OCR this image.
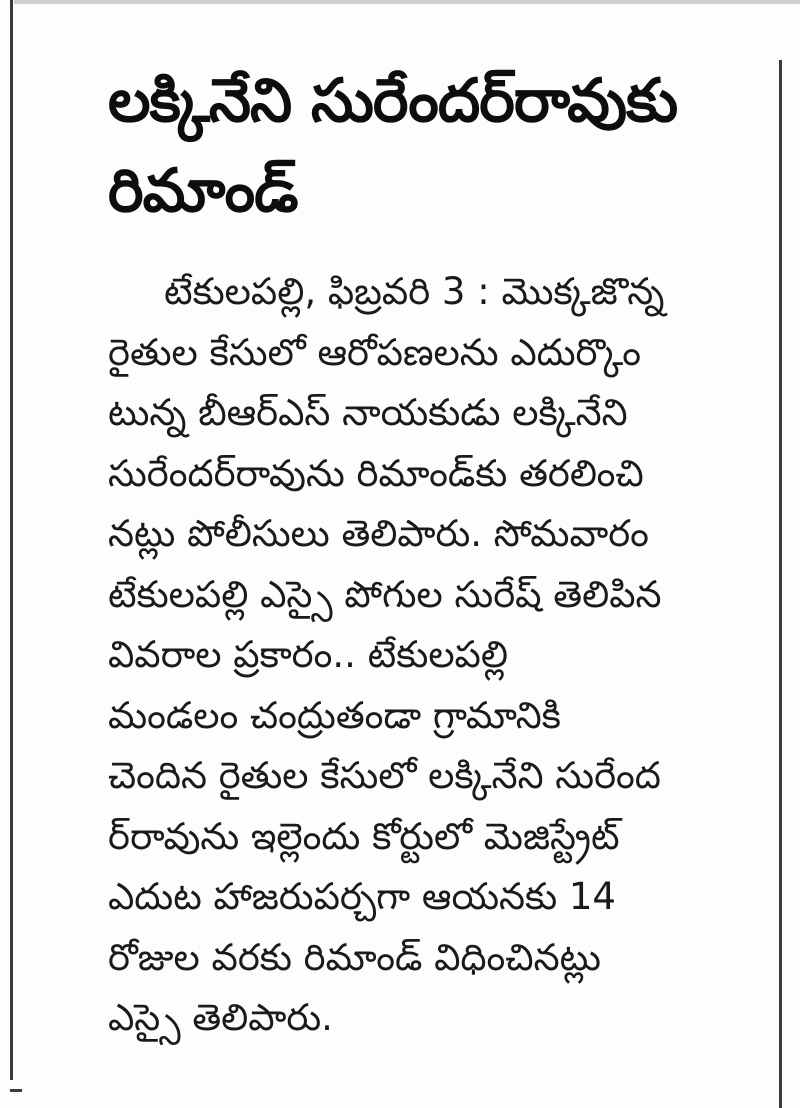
లక్కినేని సురేందర్‌రావుకు
రిమాండ్‌
టేకులపల్లి, ఫిబ్రవరి 3 : మొక్కజొన్న
రైతుల కేసులో ఆరోపణలను ఎదుర్కొం
టున్న బీఆర్‌ఎస్‌ నాయకుడు లక్కినేని
సురేందర్‌రావును రిమాండ్‌కు తరలించి
నట్లు పోలీసులు తెలిపారు. సోమవారం
టేకులపల్లి ఎస్సై పోగుల సురేష్‌ తెలిపిన
వివరాల ప్రకారం.. టేకులపల్లి
మండలం చంద్రుతండా గ్రామానికి
చెందిన రైతుల కేసులో లక్కినేని సురేంద
ర్‌రావును ఇల్లెందు కోర్టులో మెజిస్ట్రేట్‌
ఎదుట హాజరుపర్చగా ఆయనకు 14
రోజుల వరకు రిమాండ్‌ విధించినట్లు
ఎస్సై తెలిపారు.
